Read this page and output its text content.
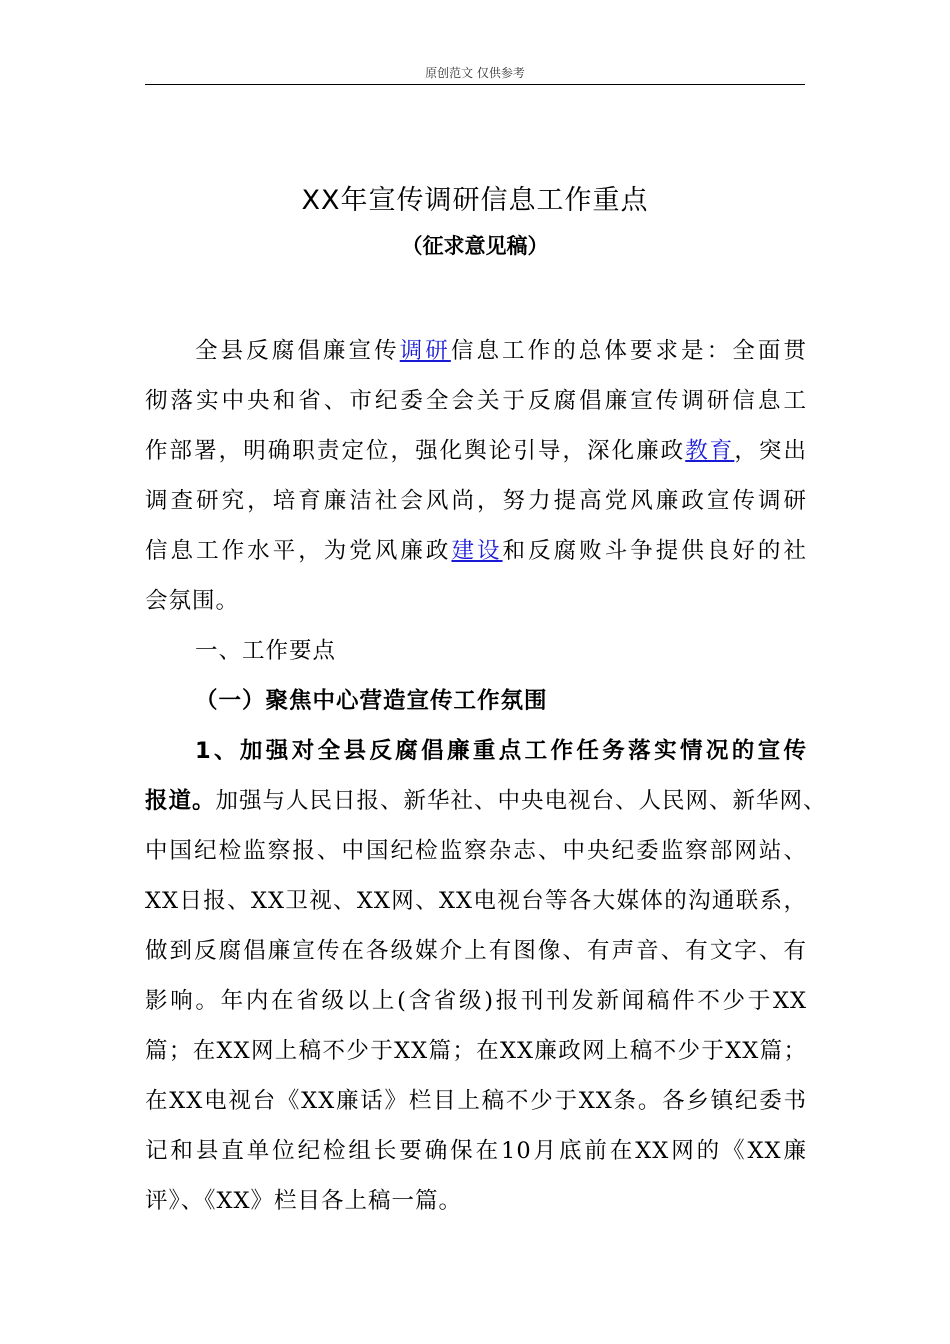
原创范文 仅供参考
XX年宣传调研信息工作重点
（征求意见稿）
全县反腐倡廉宣传调研信息工作的总体要求是：全面贯
彻落实中央和省、市纪委全会关于反腐倡廉宣传调研信息工
作部署，明确职责定位，强化舆论引导，深化廉政教育，突出
调查研究，培育廉洁社会风尚，努力提高党风廉政宣传调研
信息工作水平，为党风廉政建设和反腐败斗争提供良好的社
会氛围。
一、工作要点
（一）聚焦中心营造宣传工作氛围
1、加强对全县反腐倡廉重点工作任务落实情况的宣传
报道。加强与人民日报、新华社、中央电视台、人民网、新华网、
中国纪检监察报、中国纪检监察杂志、中央纪委监察部网站、
XX日报、XX卫视、XX网、XX电视台等各大媒体的沟通联系，
做到反腐倡廉宣传在各级媒介上有图像、有声音、有文字、有
影响。年内在省级以上(含省级)报刊刊发新闻稿件不少于XX
篇；在XX网上稿不少于XX篇；在XX廉政网上稿不少于XX篇；
在XX电视台《XX廉话》栏目上稿不少于XX条。各乡镇纪委书
记和县直单位纪检组长要确保在10月底前在XX网的《XX廉
评》、《XX》栏目各上稿一篇。
